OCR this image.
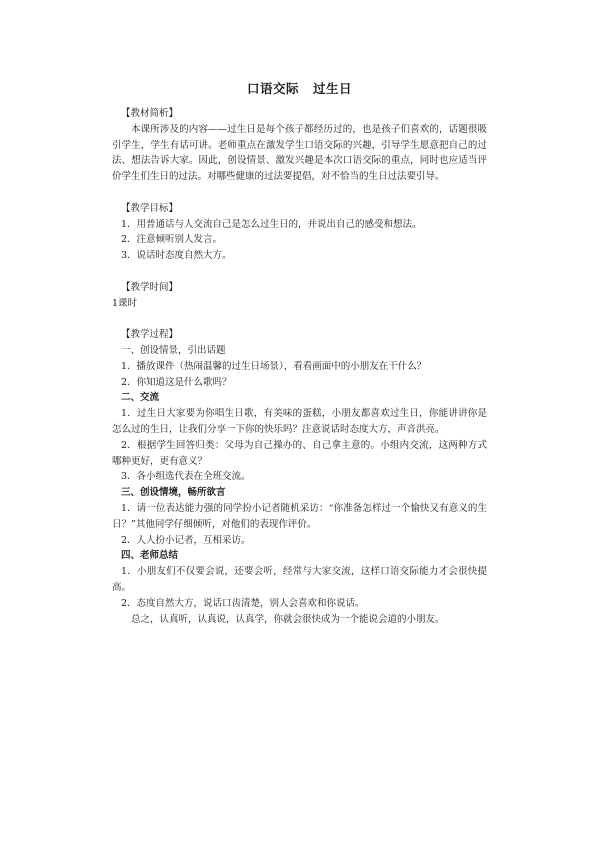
口语交际 过生日

【教材简析】

本课所涉及的内容——过生日是每个孩子都经历过的，也是孩子们喜欢的，话题很吸引学生，学生有话可讲。老师重点在激发学生口语交际的兴趣，引导学生愿意把自己的过法、想法告诉大家。因此，创设情景、激发兴趣是本次口语交际的重点，同时也应适当评价学生们生日的过法。对哪些健康的过法要提倡，对不恰当的生日过法要引导。

【教学目标】

1．用普通话与人交流自己是怎么过生日的，并说出自己的感受和想法。

2．注意倾听别人发言。

3．说话时态度自然大方。

【教学时间】

1课时

【教学过程】

一、创设情景，引出话题

1．播放课件（热闹温馨的过生日场景），看看画面中的小朋友在干什么？

2．你知道这是什么歌吗？

二、交流

1．过生日大家要为你唱生日歌，有美味的蛋糕，小朋友都喜欢过生日，你能讲讲你是怎么过的生日，让我们分享一下你的快乐吗？注意说话时态度大方，声音洪亮。

2．根据学生回答归类：父母为自己操办的、自己拿主意的。小组内交流，这两种方式哪种更好，更有意义？

3．各小组选代表在全班交流。

三、创设情境，畅所欲言

1．请一位表达能力强的同学扮小记者随机采访：“你准备怎样过一个愉快又有意义的生日？”其他同学仔细倾听，对他们的表现作评价。

2．人人扮小记者，互相采访。

四、老师总结

1．小朋友们不仅要会说，还要会听，经常与大家交流，这样口语交际能力才会很快提高。

2．态度自然大方，说话口齿清楚，别人会喜欢和你说话。

总之，认真听，认真说，认真学，你就会很快成为一个能说会道的小朋友。
